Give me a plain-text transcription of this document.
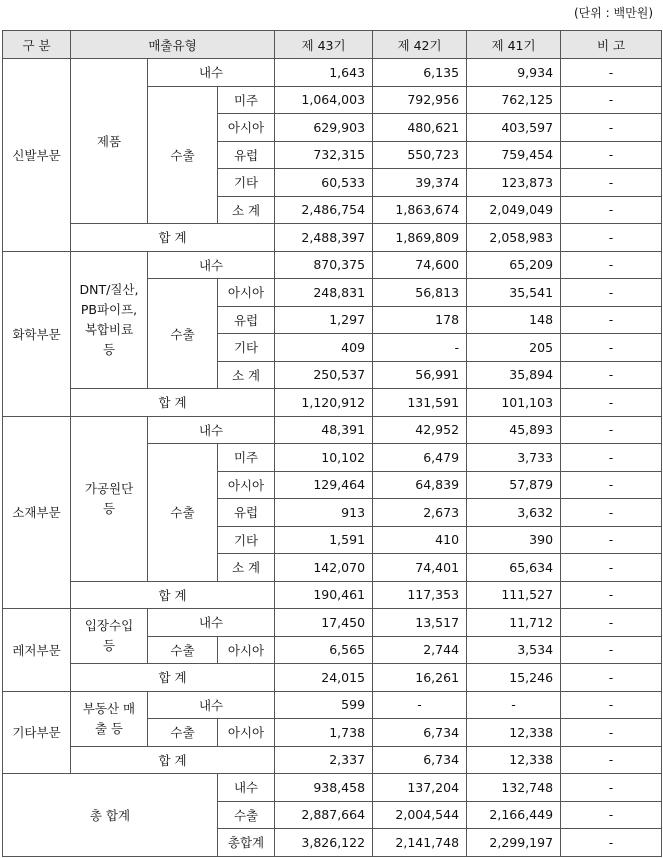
(단위 : 백만원)
구 분	매출유형			제 43기	제 42기	제 41기	비 고
신발부문	제품	내수		1,643	6,135	9,934	-
		수출	미주	1,064,003	792,956	762,125	-
			아시아	629,903	480,621	403,597	-
			유럽	732,315	550,723	759,454	-
			기타	60,533	39,374	123,873	-
			소 계	2,486,754	1,863,674	2,049,049	-
	합 계			2,488,397	1,869,809	2,058,983	-
화학부문	DNT/질산, PB파이프, 복합비료 등	내수		870,375	74,600	65,209	-
		수출	아시아	248,831	56,813	35,541	-
			유럽	1,297	178	148	-
			기타	409	-	205	-
			소 계	250,537	56,991	35,894	-
	합 계			1,120,912	131,591	101,103	-
소재부문	가공원단 등	내수		48,391	42,952	45,893	-
		수출	미주	10,102	6,479	3,733	-
			아시아	129,464	64,839	57,879	-
			유럽	913	2,673	3,632	-
			기타	1,591	410	390	-
			소 계	142,070	74,401	65,634	-
	합 계			190,461	117,353	111,527	-
레저부문	입장수입 등	내수		17,450	13,517	11,712	-
		수출	아시아	6,565	2,744	3,534	-
	합 계			24,015	16,261	15,246	-
기타부문	부동산 매출 등	내수		599	-	-	-
		수출	아시아	1,738	6,734	12,338	-
	합 계			2,337	6,734	12,338	-
총 합계			내수	938,458	137,204	132,748	-
			수출	2,887,664	2,004,544	2,166,449	-
			총합계	3,826,122	2,141,748	2,299,197	-
